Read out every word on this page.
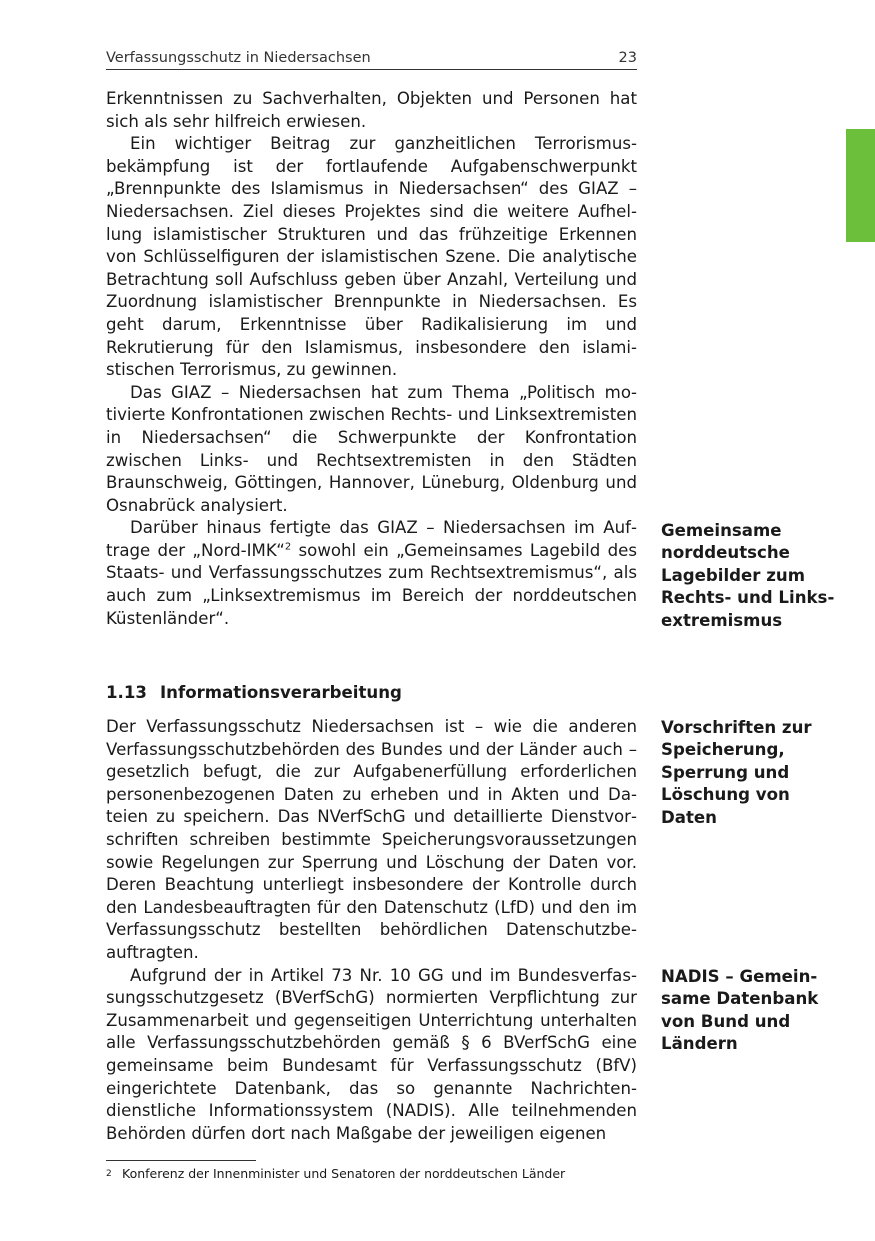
Verfassungsschutz in Niedersachsen	23

Erkenntnissen zu Sachverhalten, Objekten und Personen hat sich als sehr hilfreich erwiesen.

Ein wichtiger Beitrag zur ganzheitlichen Terrorismusbekämpfung ist der fortlaufende Aufgabenschwerpunkt „Brennpunkte des Islamismus in Niedersachsen“ des GIAZ – Niedersachsen. Ziel dieses Projektes sind die weitere Aufhellung islamistischer Strukturen und das frühzeitige Erkennen von Schlüsselfiguren der islamistischen Szene. Die analytische Betrachtung soll Aufschluss geben über Anzahl, Verteilung und Zuordnung islamistischer Brennpunkte in Niedersachsen. Es geht darum, Erkenntnisse über Radikalisierung im und Rekrutierung für den Islamismus, insbesondere den islamistischen Terrorismus, zu gewinnen.

Das GIAZ – Niedersachsen hat zum Thema „Politisch motivierte Konfrontationen zwischen Rechts- und Linksextremisten in Niedersachsen“ die Schwerpunkte der Konfrontation zwischen Links- und Rechtsextremisten in den Städten Braunschweig, Göttingen, Hannover, Lüneburg, Oldenburg und Osnabrück analysiert.

Darüber hinaus fertigte das GIAZ – Niedersachsen im Auftrage der „Nord-IMK“$^2$ sowohl ein „Gemeinsames Lagebild des Staats- und Verfassungsschutzes zum Rechtsextremismus“, als auch zum „Linksextremismus im Bereich der norddeutschen Küstenländer“.

Gemeinsame norddeutsche Lagebilder zum Rechts- und Linksextremismus
1.13 Informationsverarbeitung

Der Verfassungsschutz Niedersachsen ist – wie die anderen Verfassungsschutzbehörden des Bundes und der Länder auch – gesetzlich befugt, die zur Aufgabenerfüllung erforderlichen personenbezogenen Daten zu erheben und in Akten und Dateien zu speichern. Das NVerfSchG und detaillierte Dienstvorschriften schreiben bestimmte Speicherungsvoraussetzungen sowie Regelungen zur Sperrung und Löschung der Daten vor. Deren Beachtung unterliegt insbesondere der Kontrolle durch den Landesbeauftragten für den Datenschutz (LfD) und den im Verfassungsschutz bestellten behördlichen Datenschutzbeauftragten.

Aufgrund der in Artikel 73 Nr. 10 GG und im Bundesverfassungsschutzgesetz (BVerfSchG) normierten Verpflichtung zur Zusammenarbeit und gegenseitigen Unterrichtung unterhalten alle Verfassungsschutzbehörden gemäß § 6 BVerfSchG eine gemeinsame beim Bundesamt für Verfassungsschutz (BfV) eingerichtete Datenbank, das so genannte Nachrichtendienstliche Informationssystem (NADIS). Alle teilnehmenden Behörden dürfen dort nach Maßgabe der jeweiligen eigenen

Vorschriften zur Speicherung, Sperrung und Löschung von Daten
NADIS – Gemeinsame Datenbank von Bund und Ländern
2 Konferenz der Innenminister und Senatoren der norddeutschen Länder
